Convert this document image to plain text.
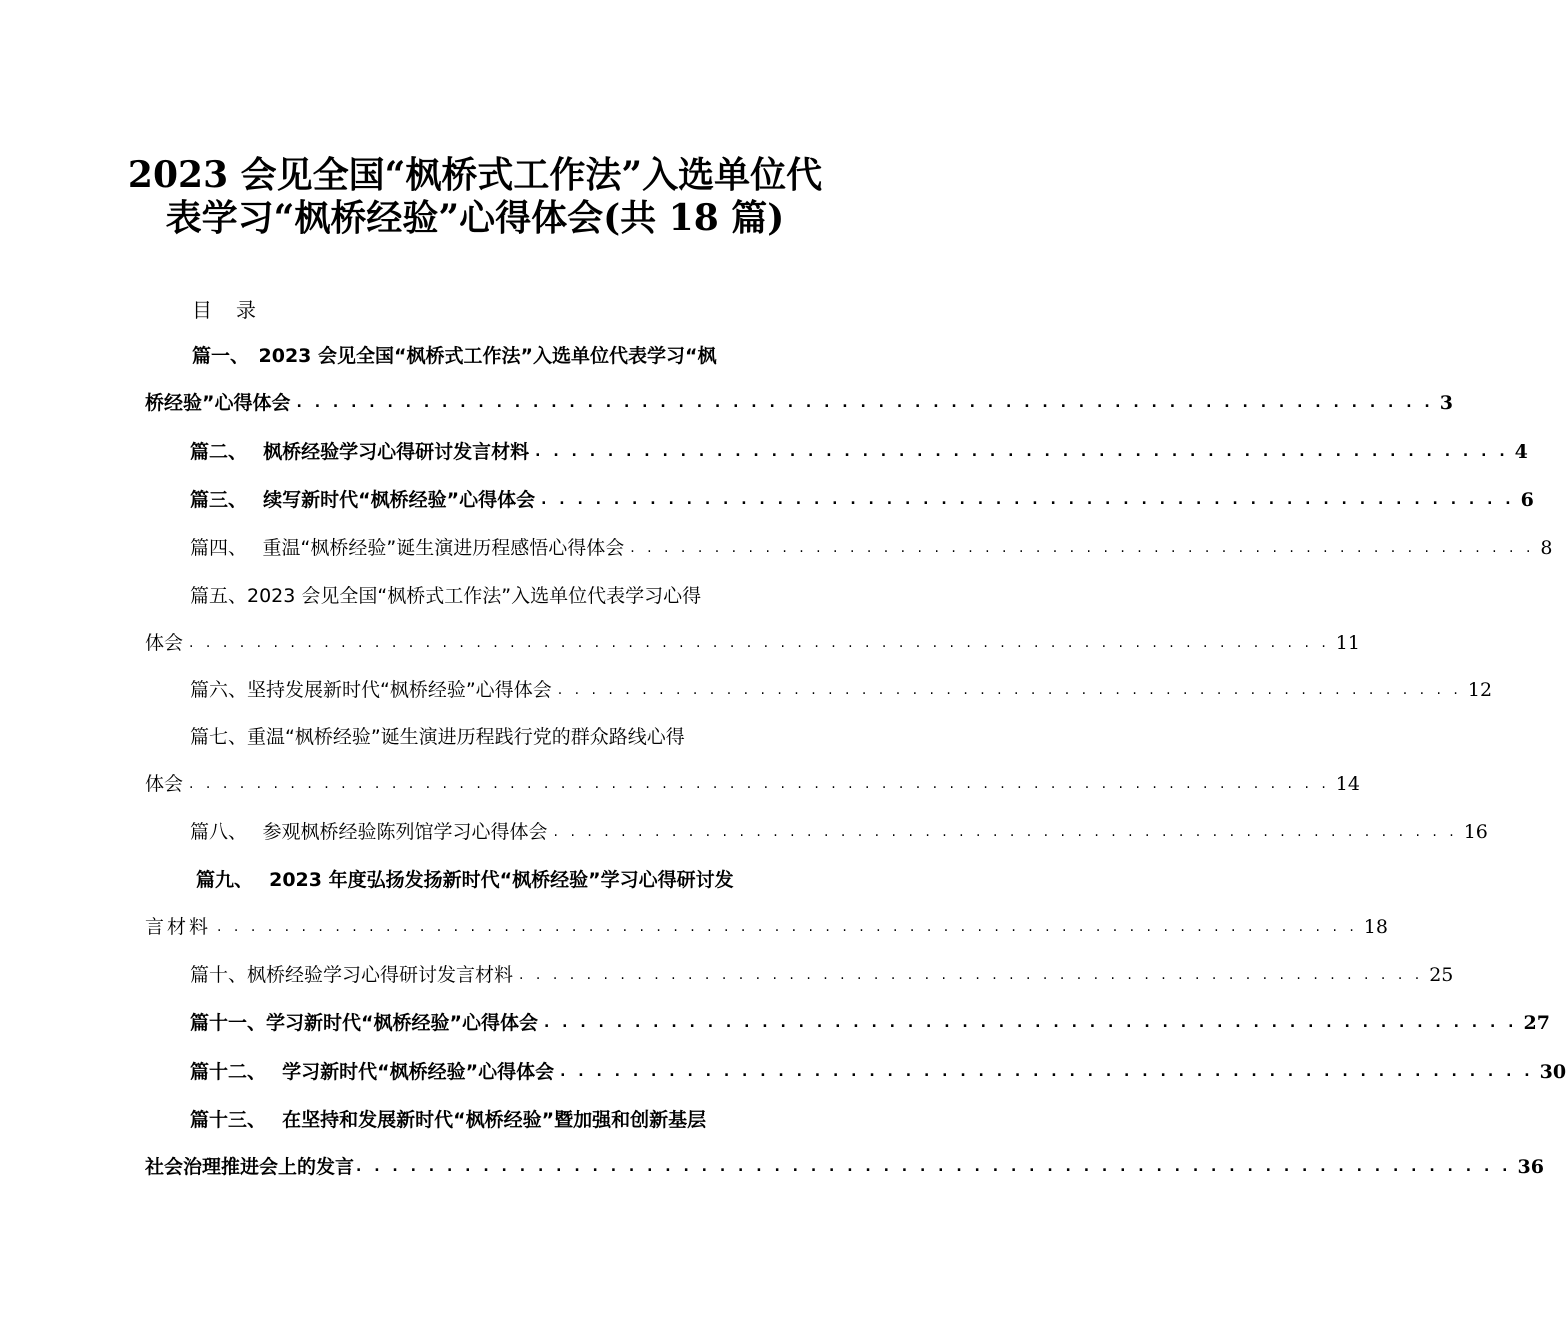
2023 会见全国“枫桥式工作法”入选单位代
表学习“枫桥经验”心得体会(共 18 篇)
目　录
篇一、　2023 会见全国“枫桥式工作法”入选单位代表学习“枫
桥经验”心得体会 . . . . . . . . . . . . . . . . . . . . . . . . . . . . . . . . . . . . . . . . . . . . . . . . . . . . . . . . . . . . . . . 3
篇二、　 枫桥经验学习心得研讨发言材料 . . . . . . . . . . . . . . . . . . . . . . . . . . . . . . . . . . . . . . . . . . . . . . . . . . . . . . 4
篇三、　 续写新时代“枫桥经验”心得体会 . . . . . . . . . . . . . . . . . . . . . . . . . . . . . . . . . . . . . . . . . . . . . . . . . . . . . . 6
篇四、　 重温“枫桥经验”诞生演进历程感悟心得体会 . . . . . . . . . . . . . . . . . . . . . . . . . . . . . . . . . . . . . . . . . . . . . . . . . . . . . . 8
篇五、2023 会见全国“枫桥式工作法”入选单位代表学习心得
体会 . . . . . . . . . . . . . . . . . . . . . . . . . . . . . . . . . . . . . . . . . . . . . . . . . . . . . . . . . . . . . . . . . . . . 11
篇六、坚持发展新时代“枫桥经验”心得体会 . . . . . . . . . . . . . . . . . . . . . . . . . . . . . . . . . . . . . . . . . . . . . . . . . . . . . . 12
篇七、重温“枫桥经验”诞生演进历程践行党的群众路线心得
体会 . . . . . . . . . . . . . . . . . . . . . . . . . . . . . . . . . . . . . . . . . . . . . . . . . . . . . . . . . . . . . . . . . . . . 14
篇八、　 参观枫桥经验陈列馆学习心得体会 . . . . . . . . . . . . . . . . . . . . . . . . . . . . . . . . . . . . . . . . . . . . . . . . . . . . . . 16
篇九、　 2023 年度弘扬发扬新时代“枫桥经验”学习心得研讨发
言材料 . . . . . . . . . . . . . . . . . . . . . . . . . . . . . . . . . . . . . . . . . . . . . . . . . . . . . . . . . . . . . . . . . . . . 18
篇十、枫桥经验学习心得研讨发言材料 . . . . . . . . . . . . . . . . . . . . . . . . . . . . . . . . . . . . . . . . . . . . . . . . . . . . . . 25
篇十一、学习新时代“枫桥经验”心得体会 . . . . . . . . . . . . . . . . . . . . . . . . . . . . . . . . . . . . . . . . . . . . . . . . . . . . . . 27
篇十二、　 学习新时代“枫桥经验”心得体会 . . . . . . . . . . . . . . . . . . . . . . . . . . . . . . . . . . . . . . . . . . . . . . . . . . . . . . 30
篇十三、　 在坚持和发展新时代“枫桥经验”暨加强和创新基层
社会治理推进会上的发言 . . . . . . . . . . . . . . . . . . . . . . . . . . . . . . . . . . . . . . . . . . . . . . . . . . . . . . . . . . . . . . . . 36
